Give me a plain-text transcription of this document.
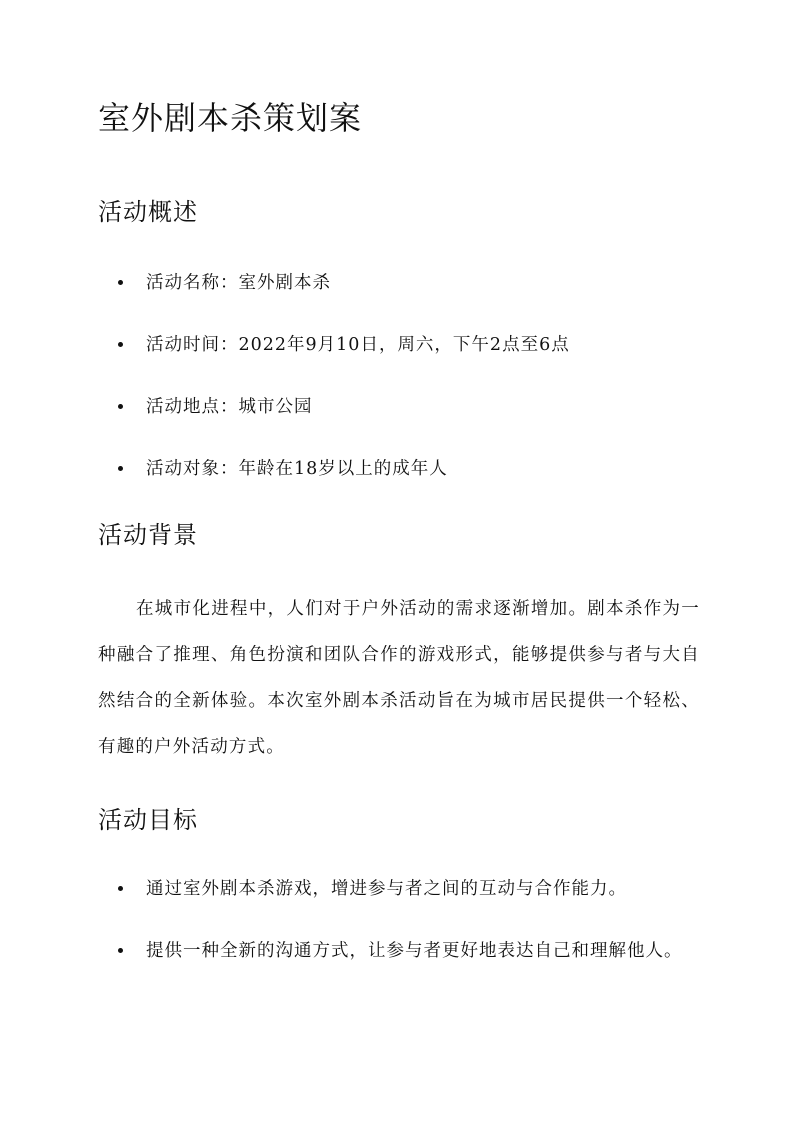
室外剧本杀策划案
活动概述
活动名称：室外剧本杀
活动时间：2022年9月10日，周六，下午2点至6点
活动地点：城市公园
活动对象：年龄在18岁以上的成年人
活动背景

在城市化进程中，人们对于户外活动的需求逐渐增加。剧本杀作为一种融合了推理、角色扮演和团队合作的游戏形式，能够提供参与者与大自然结合的全新体验。本次室外剧本杀活动旨在为城市居民提供一个轻松、有趣的户外活动方式。

活动目标
通过室外剧本杀游戏，增进参与者之间的互动与合作能力。
提供一种全新的沟通方式，让参与者更好地表达自己和理解他人。
